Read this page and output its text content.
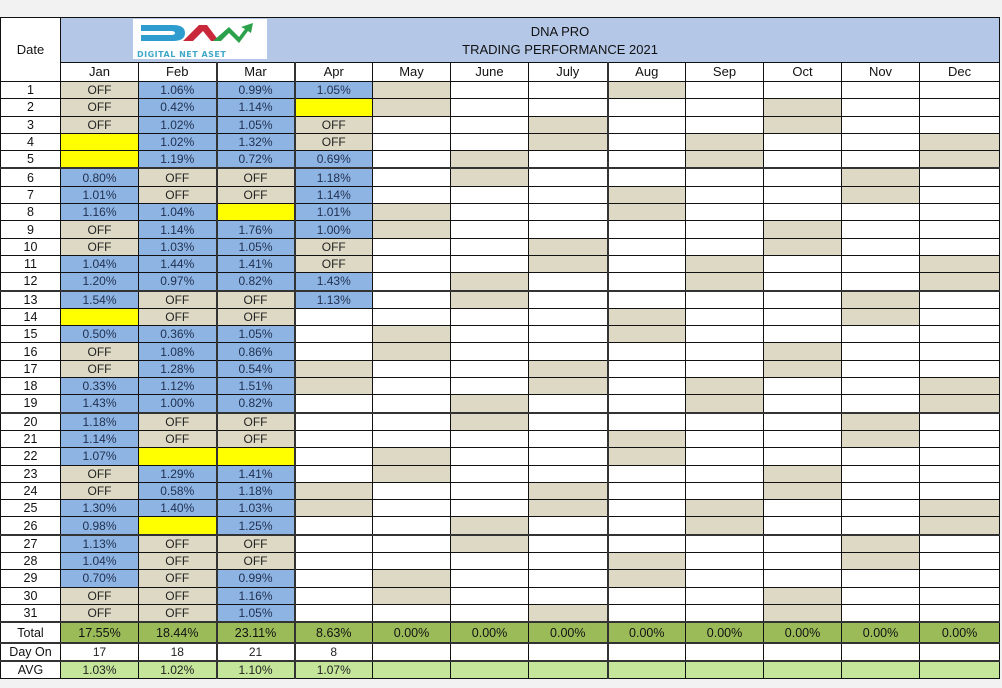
Date	DIGITAL NET ASET
DNA PRO
TRADING PERFORMANCE 2021											

	Jan	Feb	Mar	Apr	May	June	July	Aug	Sep	Oct	Nov	Dec
1	OFF	1.06%	0.99%	1.05%								
2	OFF	0.42%	1.14%									
3	OFF	1.02%	1.05%	OFF								
4		1.02%	1.32%	OFF								
5		1.19%	0.72%	0.69%								
6	0.80%	OFF	OFF	1.18%								
7	1.01%	OFF	OFF	1.14%								
8	1.16%	1.04%		1.01%								
9	OFF	1.14%	1.76%	1.00%								
10	OFF	1.03%	1.05%	OFF								
11	1.04%	1.44%	1.41%	OFF								
12	1.20%	0.97%	0.82%	1.43%								
13	1.54%	OFF	OFF	1.13%								
14		OFF	OFF									
15	0.50%	0.36%	1.05%									
16	OFF	1.08%	0.86%									
17	OFF	1.28%	0.54%									
18	0.33%	1.12%	1.51%									
19	1.43%	1.00%	0.82%									
20	1.18%	OFF	OFF									
21	1.14%	OFF	OFF									
22	1.07%											
23	OFF	1.29%	1.41%									
24	OFF	0.58%	1.18%									
25	1.30%	1.40%	1.03%									
26	0.98%		1.25%									
27	1.13%	OFF	OFF									
28	1.04%	OFF	OFF									
29	0.70%	OFF	0.99%									
30	OFF	OFF	1.16%									
31	OFF	OFF	1.05%									
Total	17.55%	18.44%	23.11%	8.63%	0.00%	0.00%	0.00%	0.00%	0.00%	0.00%	0.00%	0.00%
Day On	17	18	21	8								
AVG	1.03%	1.02%	1.10%	1.07%								
